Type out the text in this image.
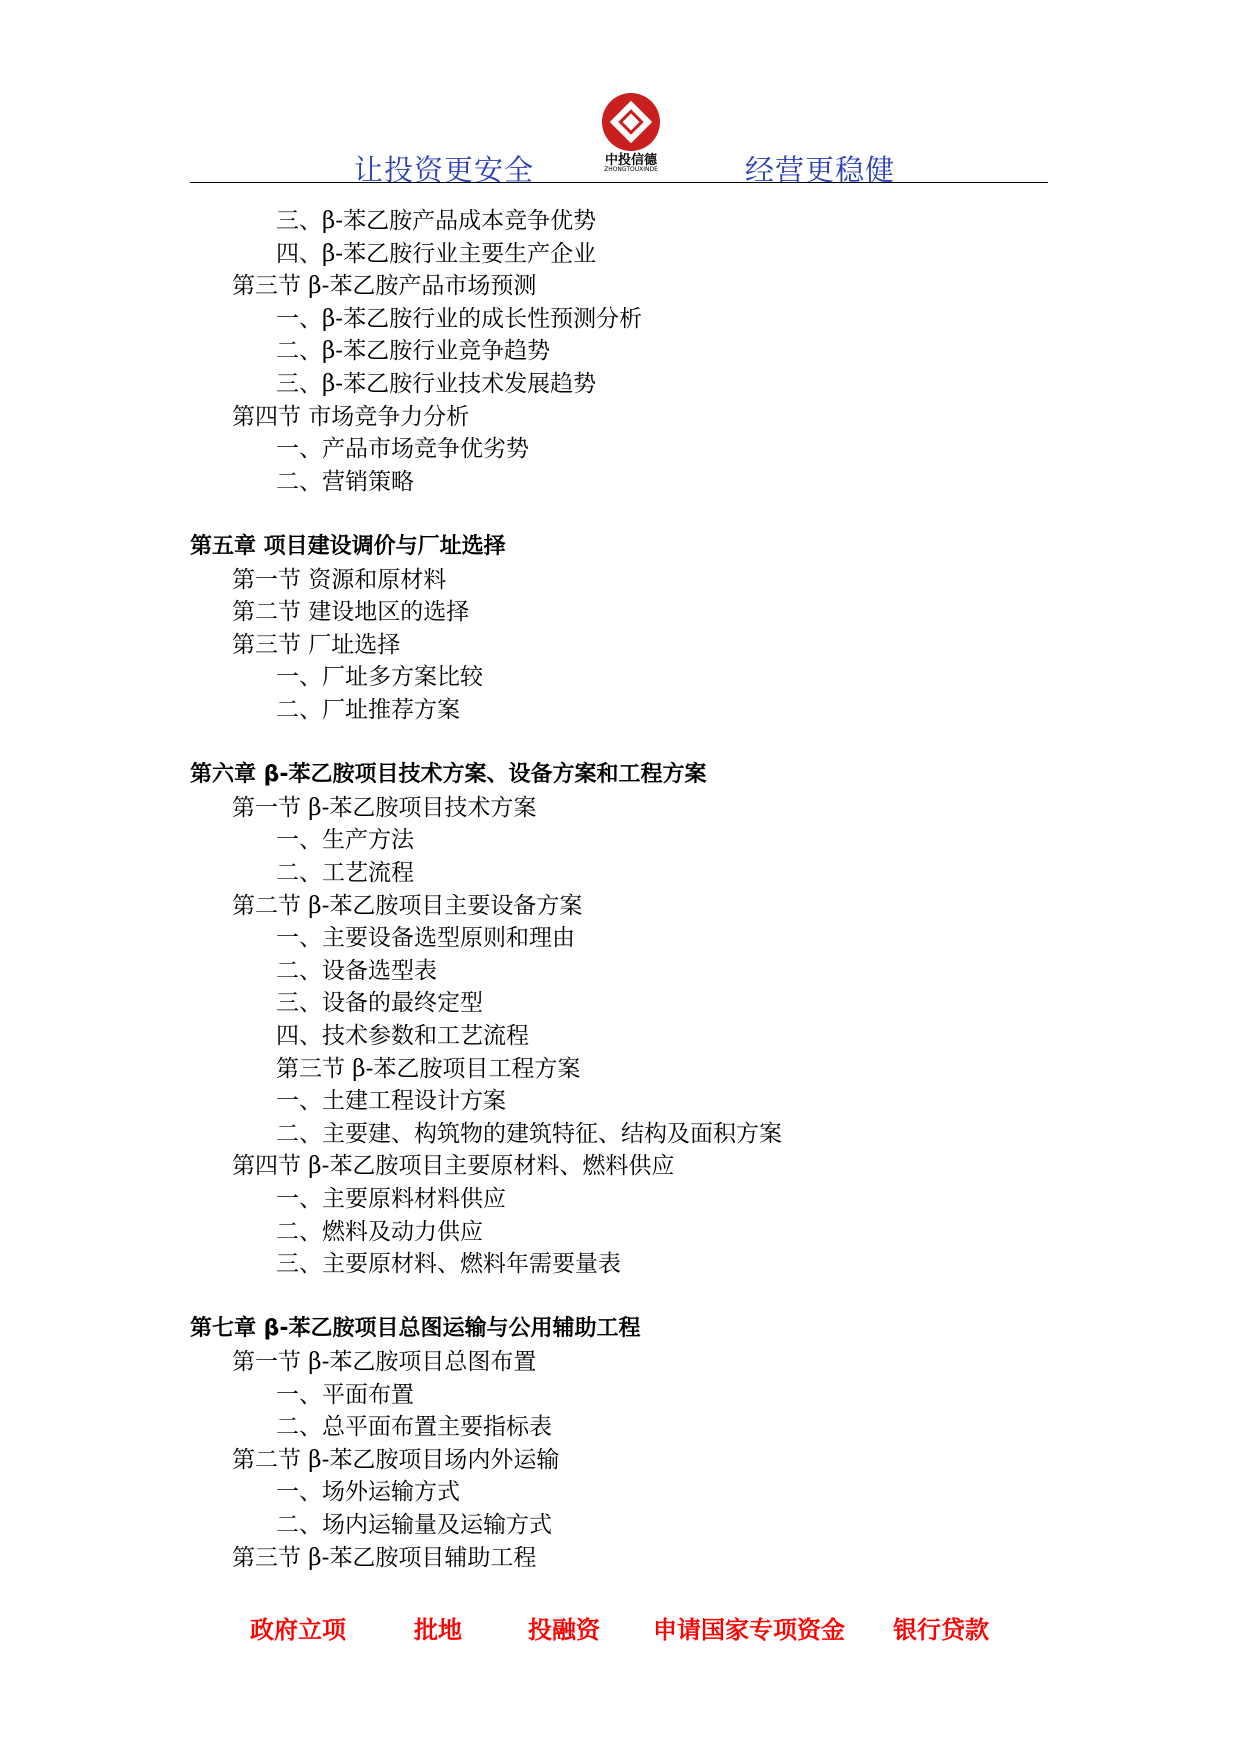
中投信德
ZHONGTOUXINDE
让投资更安全	经营更稳健
三、β-苯乙胺产品成本竞争优势
四、β-苯乙胺行业主要生产企业
第三节 β-苯乙胺产品市场预测
一、β-苯乙胺行业的成长性预测分析
二、β-苯乙胺行业竞争趋势
三、β-苯乙胺行业技术发展趋势
第四节 市场竞争力分析
一、产品市场竞争优劣势
二、营销策略
第五章 项目建设调价与厂址选择
第一节 资源和原材料
第二节 建设地区的选择
第三节 厂址选择
一、厂址多方案比较
二、厂址推荐方案
第六章 β-苯乙胺项目技术方案、设备方案和工程方案
第一节 β-苯乙胺项目技术方案
一、生产方法
二、工艺流程
第二节 β-苯乙胺项目主要设备方案
一、主要设备选型原则和理由
二、设备选型表
三、设备的最终定型
四、技术参数和工艺流程
第三节 β-苯乙胺项目工程方案
一、土建工程设计方案
二、主要建、构筑物的建筑特征、结构及面积方案
第四节 β-苯乙胺项目主要原材料、燃料供应
一、主要原料材料供应
二、燃料及动力供应
三、主要原材料、燃料年需要量表
第七章 β-苯乙胺项目总图运输与公用辅助工程
第一节 β-苯乙胺项目总图布置
一、平面布置
二、总平面布置主要指标表
第二节 β-苯乙胺项目场内外运输
一、场外运输方式
二、场内运输量及运输方式
第三节 β-苯乙胺项目辅助工程
政府立项	批地	投融资 申请国家专项资金 银行贷款
